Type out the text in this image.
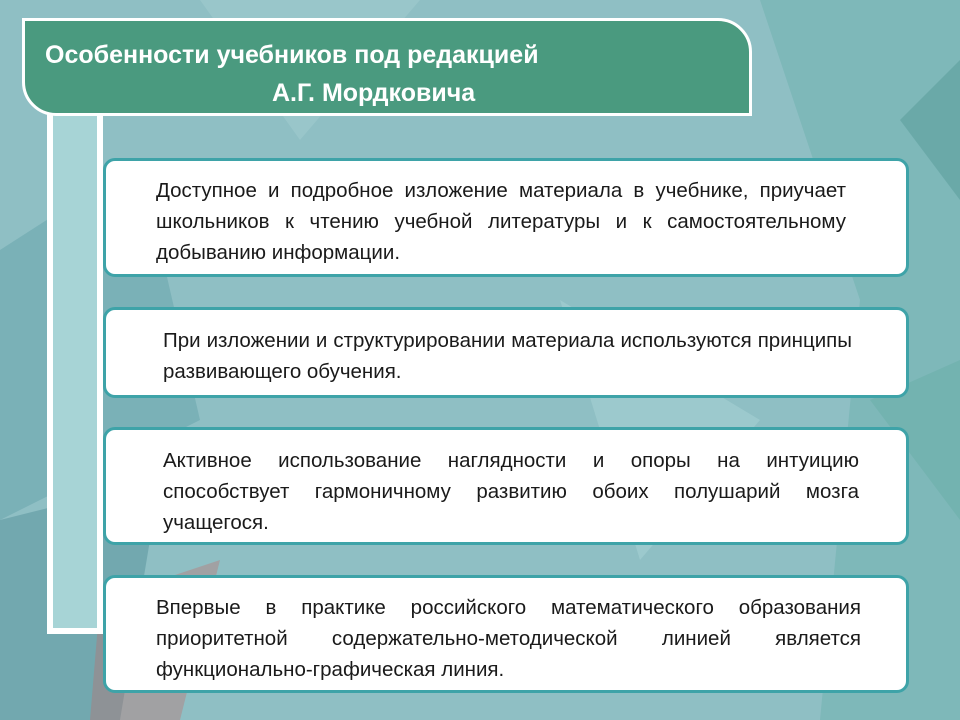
Особенности учебников под редакцией
А.Г. Мордковича

Доступное и подробное изложение материала в учебнике, приучает школьников к чтению учебной литературы и к самостоятельному добыванию информации.

При изложении и структурировании материала используются принципы развивающего обучения.

Активное использование наглядности и опоры на интуицию способствует гармоничному развитию обоих полушарий мозга учащегося.

Впервые в практике российского математического образования приоритетной содержательно-методической линией является функционально-графическая линия.
